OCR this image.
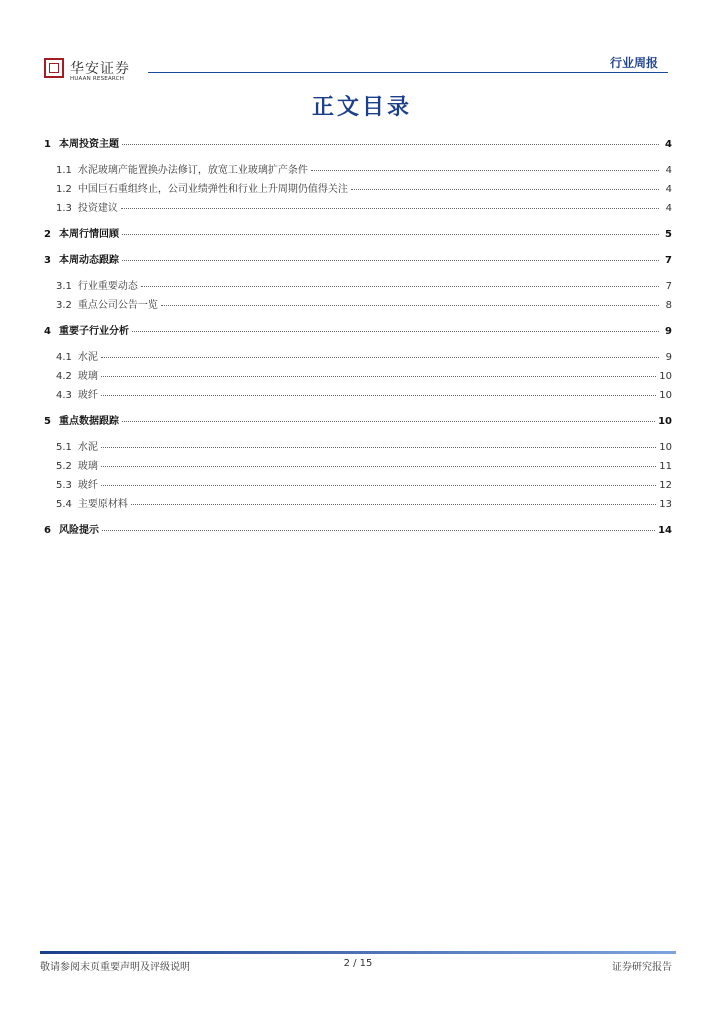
华安证券
HUAAN RESEARCH
行业周报
正文目录
1 本周投资主题	4
1.1 水泥玻璃产能置换办法修订，放宽工业玻璃扩产条件	4
1.2 中国巨石重组终止，公司业绩弹性和行业上升周期仍值得关注	4
1.3 投资建议	4
2 本周行情回顾	5
3 本周动态跟踪	7
3.1 行业重要动态	7
3.2 重点公司公告一览	8
4 重要子行业分析	9
4.1 水泥	9
4.2 玻璃	10
4.3 玻纤	10
5 重点数据跟踪	10
5.1 水泥	10
5.2 玻璃	11
5.3 玻纤	12
5.4 主要原材料	13
6 风险提示	14
敬请参阅末页重要声明及评级说明	2 / 15	证券研究报告
